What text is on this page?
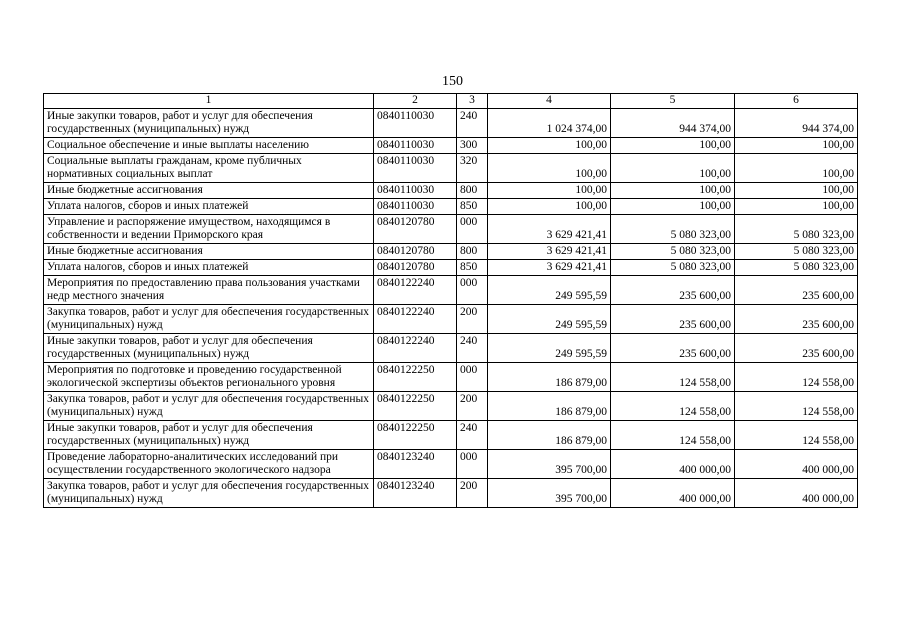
150
1	2	3	4	5	6
Иные закупки товаров, работ и услуг для обеспечения государственных (муниципальных) нужд	0840110030	240	1 024 374,00	944 374,00	944 374,00
Социальное обеспечение и иные выплаты населению	0840110030	300	100,00	100,00	100,00
Социальные выплаты гражданам, кроме публичных нормативных социальных выплат	0840110030	320	100,00	100,00	100,00
Иные бюджетные ассигнования	0840110030	800	100,00	100,00	100,00
Уплата налогов, сборов и иных платежей	0840110030	850	100,00	100,00	100,00
Управление и распоряжение имуществом, находящимся в собственности и ведении Приморского края	0840120780	000	3 629 421,41	5 080 323,00	5 080 323,00
Иные бюджетные ассигнования	0840120780	800	3 629 421,41	5 080 323,00	5 080 323,00
Уплата налогов, сборов и иных платежей	0840120780	850	3 629 421,41	5 080 323,00	5 080 323,00
Мероприятия по предоставлению права пользования участками недр местного значения	0840122240	000	249 595,59	235 600,00	235 600,00
Закупка товаров, работ и услуг для обеспечения государственных (муниципальных) нужд	0840122240	200	249 595,59	235 600,00	235 600,00
Иные закупки товаров, работ и услуг для обеспечения государственных (муниципальных) нужд	0840122240	240	249 595,59	235 600,00	235 600,00
Мероприятия по подготовке и проведению государственной экологической экспертизы объектов регионального уровня	0840122250	000	186 879,00	124 558,00	124 558,00
Закупка товаров, работ и услуг для обеспечения государственных (муниципальных) нужд	0840122250	200	186 879,00	124 558,00	124 558,00
Иные закупки товаров, работ и услуг для обеспечения государственных (муниципальных) нужд	0840122250	240	186 879,00	124 558,00	124 558,00
Проведение лабораторно-аналитических исследований при осуществлении государственного экологического надзора	0840123240	000	395 700,00	400 000,00	400 000,00
Закупка товаров, работ и услуг для обеспечения государственных (муниципальных) нужд	0840123240	200	395 700,00	400 000,00	400 000,00
